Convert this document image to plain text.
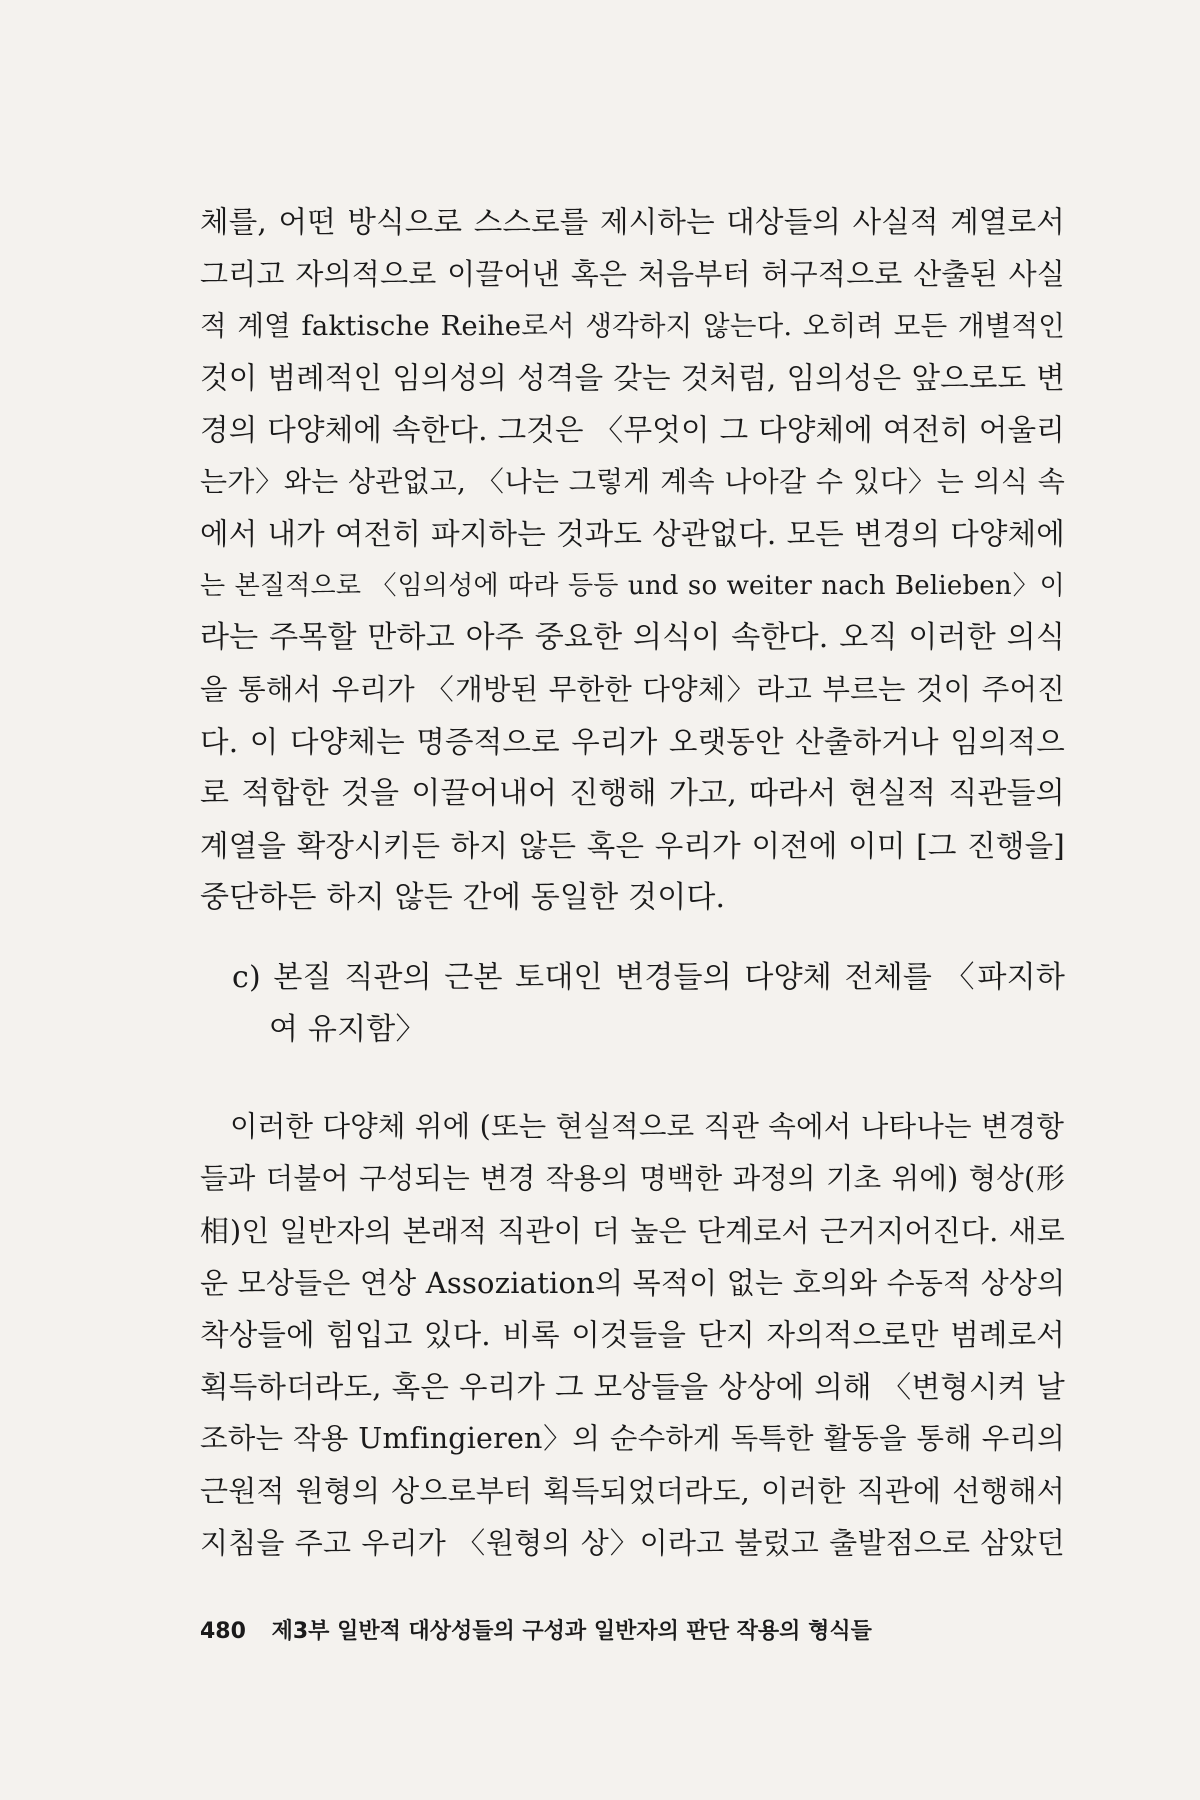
체를, 어떤 방식으로 스스로를 제시하는 대상들의 사실적 계열로서
그리고 자의적으로 이끌어낸 혹은 처음부터 허구적으로 산출된 사실
적 계열 faktische Reihe로서 생각하지 않는다. 오히려 모든 개별적인
것이 범례적인 임의성의 성격을 갖는 것처럼, 임의성은 앞으로도 변
경의 다양체에 속한다. 그것은 〈무엇이 그 다양체에 여전히 어울리
는가〉와는 상관없고, 〈나는 그렇게 계속 나아갈 수 있다〉는 의식 속
에서 내가 여전히 파지하는 것과도 상관없다. 모든 변경의 다양체에
는 본질적으로 〈임의성에 따라 등등 und so weiter nach Belieben〉이
라는 주목할 만하고 아주 중요한 의식이 속한다. 오직 이러한 의식
을 통해서 우리가 〈개방된 무한한 다양체〉라고 부르는 것이 주어진
다. 이 다양체는 명증적으로 우리가 오랫동안 산출하거나 임의적으
로 적합한 것을 이끌어내어 진행해 가고, 따라서 현실적 직관들의
계열을 확장시키든 하지 않든 혹은 우리가 이전에 이미 [그 진행을]
중단하든 하지 않든 간에 동일한 것이다.
c) 본질 직관의 근본 토대인 변경들의 다양체 전체를 〈파지하
여 유지함〉
이러한 다양체 위에 (또는 현실적으로 직관 속에서 나타나는 변경항
들과 더불어 구성되는 변경 작용의 명백한 과정의 기초 위에) 형상(形
相)인 일반자의 본래적 직관이 더 높은 단계로서 근거지어진다. 새로
운 모상들은 연상 Assoziation의 목적이 없는 호의와 수동적 상상의
착상들에 힘입고 있다. 비록 이것들을 단지 자의적으로만 범례로서
획득하더라도, 혹은 우리가 그 모상들을 상상에 의해 〈변형시켜 날
조하는 작용 Umfingieren〉의 순수하게 독특한 활동을 통해 우리의
근원적 원형의 상으로부터 획득되었더라도, 이러한 직관에 선행해서
지침을 주고 우리가 〈원형의 상〉이라고 불렀고 출발점으로 삼았던
480 제3부 일반적 대상성들의 구성과 일반자의 판단 작용의 형식들
